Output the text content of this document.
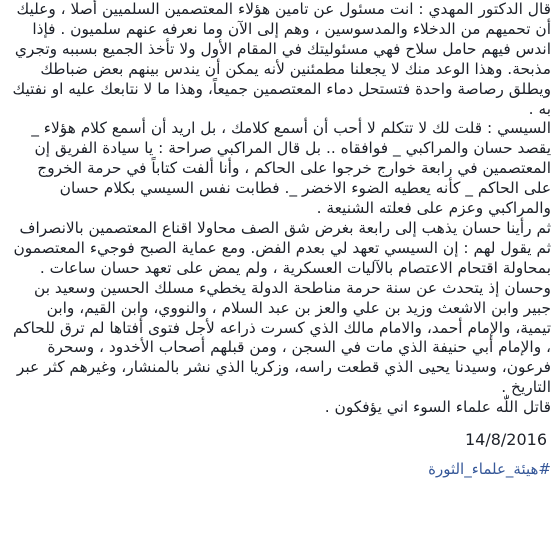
قال الدكتور المهدي : انت مسئول عن تامين هؤلاء المعتصمين السلميين أصلا ، وعليك أن تحميهم من الدخلاء والمدسوسين ، وهم إلى الآن وما نعرفه عنهم سلميون . فإذا اندس فيهم حامل سلاح فهي مسئوليتك في المقام الأول ولا تأخذ الجميع بسببه وتجري مذبحة. وهذا الوعد منك لا يجعلنا مطمئنين لأنه يمكن أن يندس بينهم بعض ضباطك ويطلق رصاصة واحدة فتستحل دماء المعتصمين جميعاً، وهذا ما لا نتابعك عليه او نفتيك به .

السيسي : قلت لك لا تتكلم لا أحب أن أسمع كلامك ، بل اريد أن أسمع كلام هؤلاء _ يقصد حسان والمراكبي _ فوافقاه .. بل قال المراكبي صراحة : يا سيادة الفريق إن المعتصمين في رابعة خوارج خرجوا على الحاكم ، وأنا ألفت كتاباً في حرمة الخروج على الحاكم _ كأنه يعطيه الضوء الاخضر _. فطابت نفس السيسي بكلام حسان والمراكبي وعزم على فعلته الشنيعة .

ثم رأينا حسان يذهب إلى رابعة بغرض شق الصف محاولا اقناع المعتصمين بالانصراف ثم يقول لهم : إن السيسي تعهد لي بعدم الفض. ومع عماية الصبح فوجيء المعتصمون بمحاولة اقتحام الاعتصام بالآليات العسكرية ، ولم يمض على تعهد حسان ساعات .

وحسان إذ يتحدث عن سنة حرمة مناطحة الدولة يخطيء مسلك الحسين وسعيد بن جبير وابن الاشعث وزيد بن علي والعز بن عبد السلام ، والنووي، وابن القيم، وابن تيمية، والإمام أحمد، والامام مالك الذي كسرت ذراعه لأجل فتوى أفتاها لم ترق للحاكم ، والإمام أبي حنيفة الذي مات في السجن ، ومن قبلهم أصحاب الأخدود ، وسحرة فرعون، وسيدنا يحيى الذي قطعت راسه، وزكريا الذي نشر بالمنشار، وغيرهم كثر عبر التاريخ .

قاتل اللّٰه علماء السوء اني يؤفكون .

14/8/2016
#هيئة_علماء_الثورة
